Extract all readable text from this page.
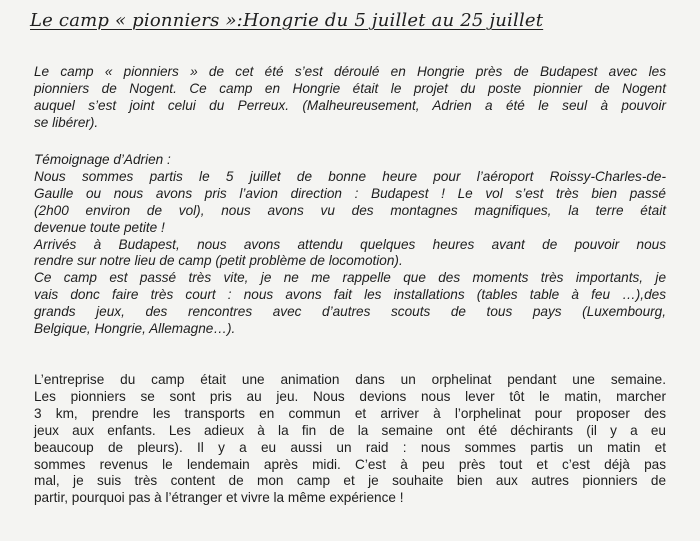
Le camp « pionniers »:Hongrie du 5 juillet au 25 juillet

Le camp « pionniers » de cet été s’est déroulé en Hongrie près de Budapest avec les
pionniers de Nogent. Ce camp en Hongrie était le projet du poste pionnier de Nogent
auquel s’est joint celui du Perreux. (Malheureusement, Adrien a été le seul à pouvoir
se libérer).

Témoignage d’Adrien :
Nous sommes partis le 5 juillet de bonne heure pour l’aéroport Roissy-Charles-de-
Gaulle ou nous avons pris l’avion direction : Budapest ! Le vol s’est très bien passé
(2h00 environ de vol), nous avons vu des montagnes magnifiques, la terre était
devenue toute petite !
Arrivés à Budapest, nous avons attendu quelques heures avant de pouvoir nous
rendre sur notre lieu de camp (petit problème de locomotion).
Ce camp est passé très vite, je ne me rappelle que des moments très importants, je
vais donc faire très court : nous avons fait les installations (tables table à feu …),des
grands jeux, des rencontres avec d’autres scouts de tous pays (Luxembourg,
Belgique, Hongrie, Allemagne…).

L’entreprise du camp était une animation dans un orphelinat pendant une semaine.
Les pionniers se sont pris au jeu. Nous devions nous lever tôt le matin, marcher
3 km, prendre les transports en commun et arriver à l’orphelinat pour proposer des
jeux aux enfants. Les adieux à la fin de la semaine ont été déchirants (il y a eu
beaucoup de pleurs). Il y a eu aussi un raid : nous sommes partis un matin et
sommes revenus le lendemain après midi. C’est à peu près tout et c’est déjà pas
mal, je suis très content de mon camp et je souhaite bien aux autres pionniers de
partir, pourquoi pas à l’étranger et vivre la même expérience !
